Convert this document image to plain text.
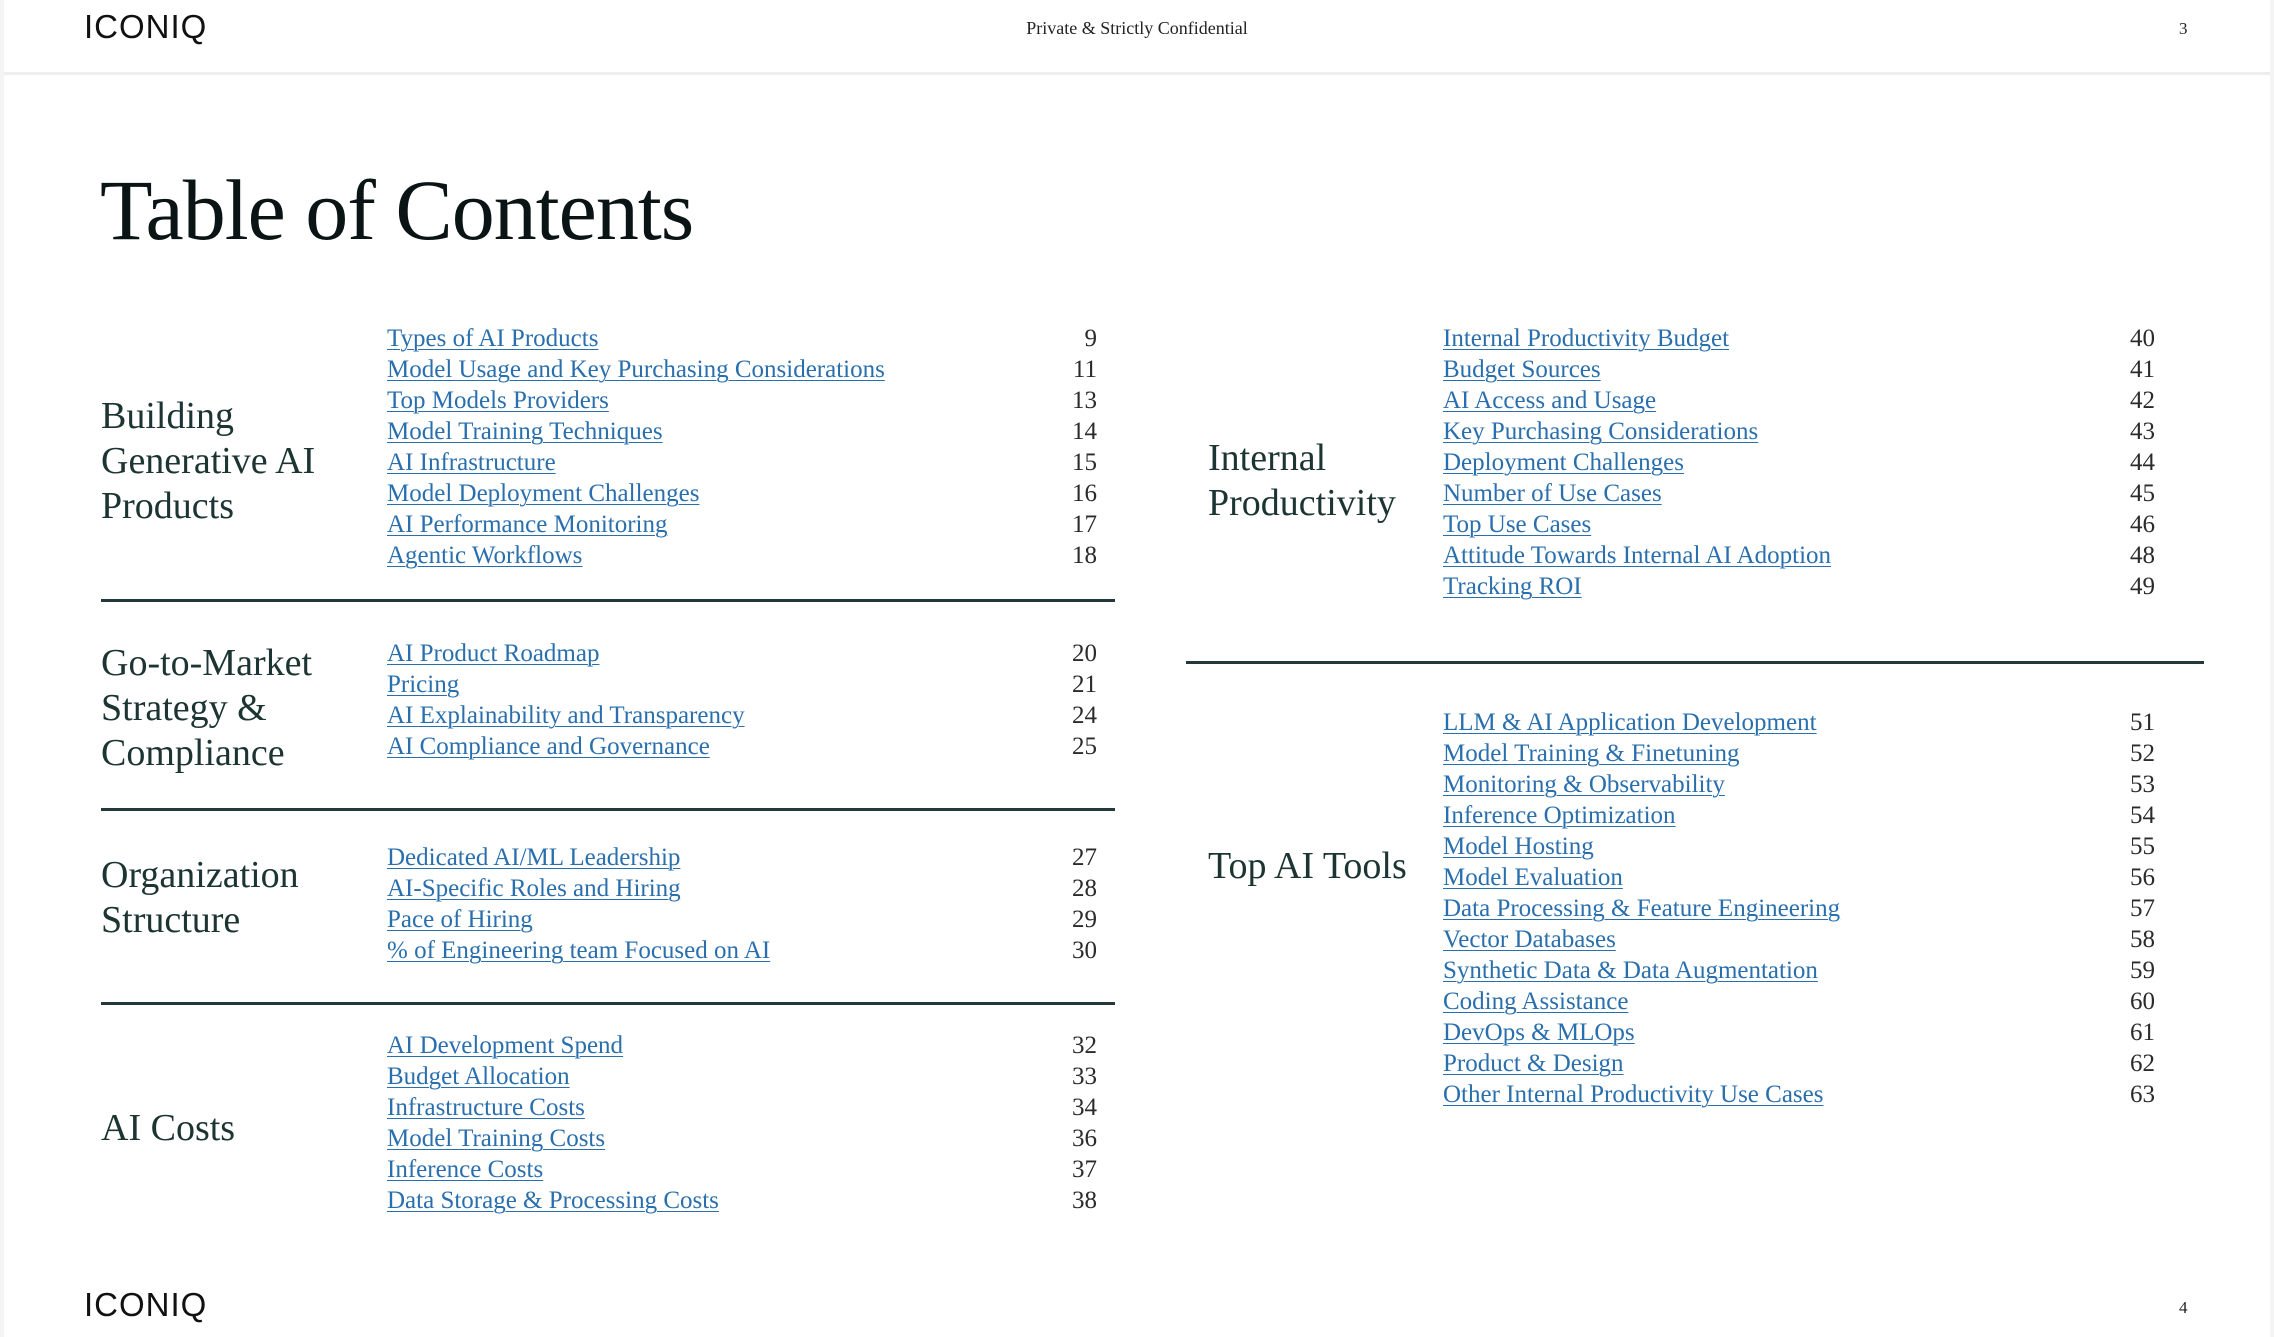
ICONIQ	Private & Strictly Confidential	3
Table of Contents
Building Generative AI Products
Types of AI Products	9
Model Usage and Key Purchasing Considerations	11
Top Models Providers	13
Model Training Techniques	14
AI Infrastructure	15
Model Deployment Challenges	16
AI Performance Monitoring	17
Agentic Workflows	18
Go-to-Market Strategy & Compliance
AI Product Roadmap	20
Pricing	21
AI Explainability and Transparency	24
AI Compliance and Governance	25
Organization Structure
Dedicated AI/ML Leadership	27
AI-Specific Roles and Hiring	28
Pace of Hiring	29
% of Engineering team Focused on AI	30
AI Costs
AI Development Spend	32
Budget Allocation	33
Infrastructure Costs	34
Model Training Costs	36
Inference Costs	37
Data Storage & Processing Costs	38
Internal Productivity
Internal Productivity Budget	40
Budget Sources	41
AI Access and Usage	42
Key Purchasing Considerations	43
Deployment Challenges	44
Number of Use Cases	45
Top Use Cases	46
Attitude Towards Internal AI Adoption	48
Tracking ROI	49
Top AI Tools
LLM & AI Application Development	51
Model Training & Finetuning	52
Monitoring & Observability	53
Inference Optimization	54
Model Hosting	55
Model Evaluation	56
Data Processing & Feature Engineering	57
Vector Databases	58
Synthetic Data & Data Augmentation	59
Coding Assistance	60
DevOps & MLOps	61
Product & Design	62
Other Internal Productivity Use Cases	63
ICONIQ	4
